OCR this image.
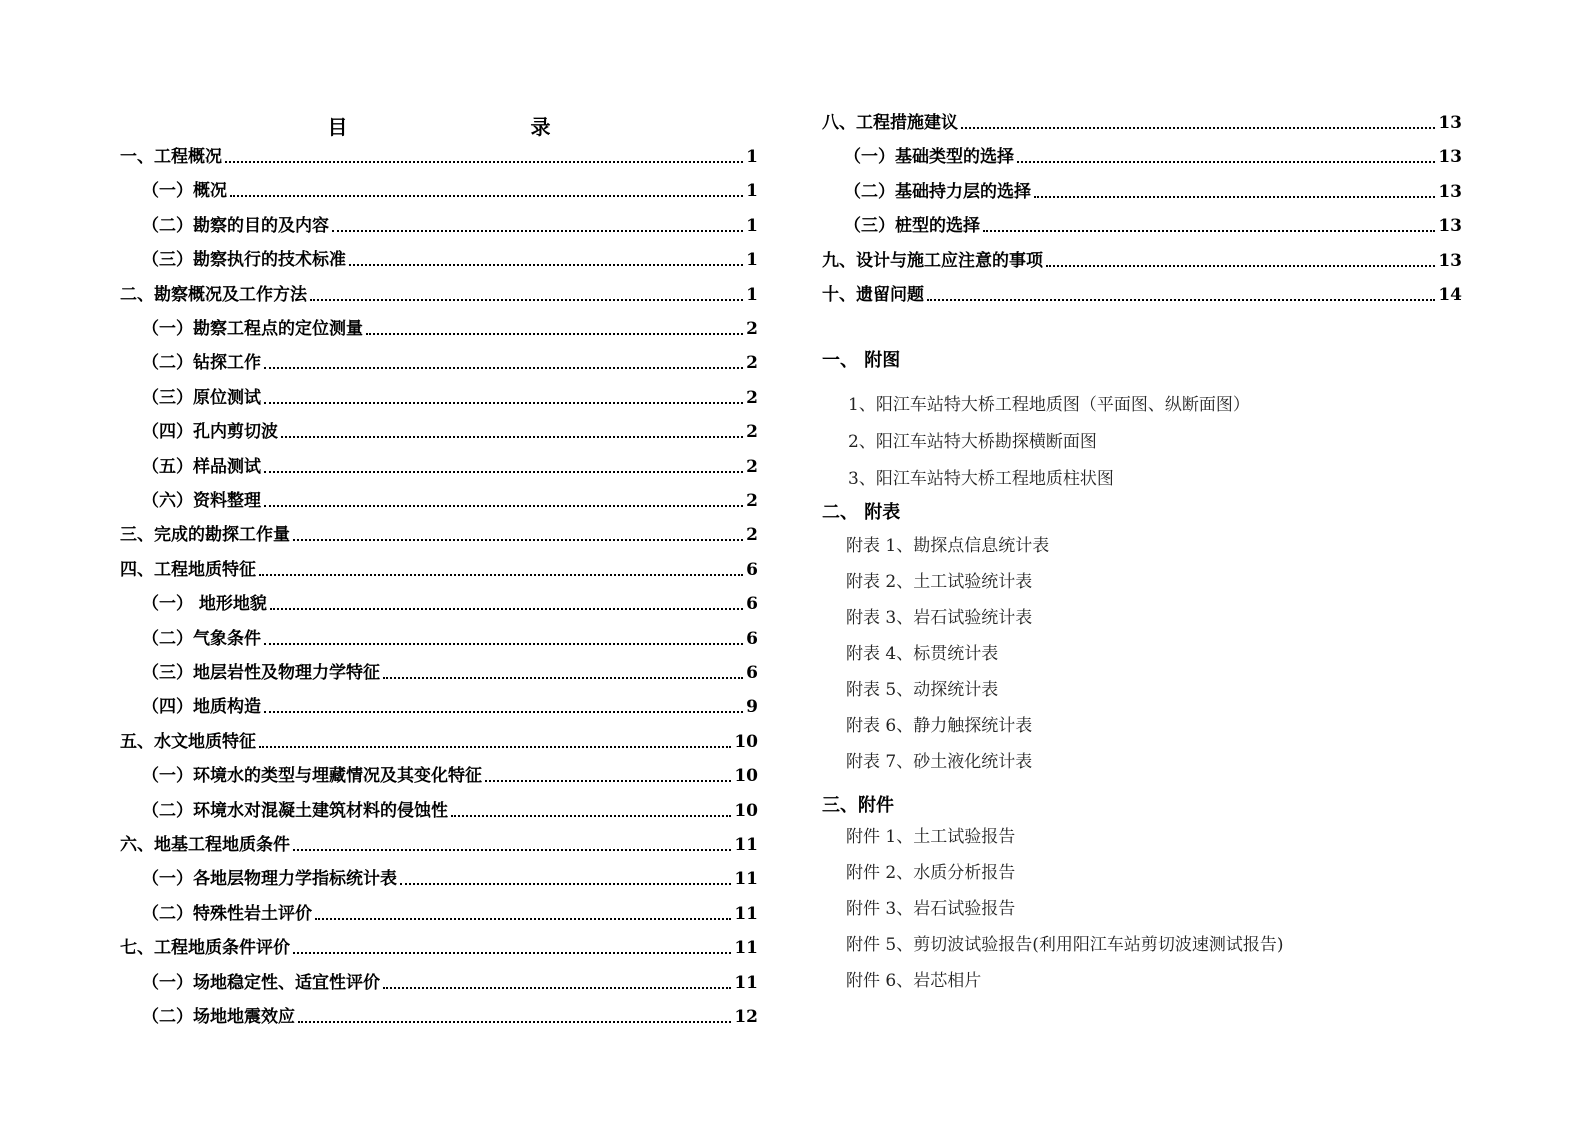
目 录
一、工程概况	1
（一）概况	1
（二）勘察的目的及内容	1
（三）勘察执行的技术标准	1
二、勘察概况及工作方法	1
（一）勘察工程点的定位测量	2
（二）钻探工作	2
（三）原位测试	2
（四）孔内剪切波	2
（五）样品测试	2
（六）资料整理	2
三、完成的勘探工作量	2
四、工程地质特征	6
（一） 地形地貌	6
（二）气象条件	6
（三）地层岩性及物理力学特征	6
（四）地质构造	9
五、水文地质特征	10
（一）环境水的类型与埋藏情况及其变化特征	10
（二）环境水对混凝土建筑材料的侵蚀性	10
六、地基工程地质条件	11
（一）各地层物理力学指标统计表	11
（二）特殊性岩土评价	11
七、工程地质条件评价	11
（一）场地稳定性、适宜性评价	11
（二）场地地震效应	12
八、工程措施建议	13
（一）基础类型的选择	13
（二）基础持力层的选择	13
（三）桩型的选择	13
九、设计与施工应注意的事项	13
十、遗留问题	14
一、 附图
1、阳江车站特大桥工程地质图（平面图、纵断面图）
2、阳江车站特大桥勘探横断面图
3、阳江车站特大桥工程地质柱状图
二、 附表
附表 1、勘探点信息统计表
附表 2、土工试验统计表
附表 3、岩石试验统计表
附表 4、标贯统计表
附表 5、动探统计表
附表 6、静力触探统计表
附表 7、砂土液化统计表
三、附件
附件 1、土工试验报告
附件 2、水质分析报告
附件 3、岩石试验报告
附件 5、剪切波试验报告(利用阳江车站剪切波速测试报告)
附件 6、岩芯相片
